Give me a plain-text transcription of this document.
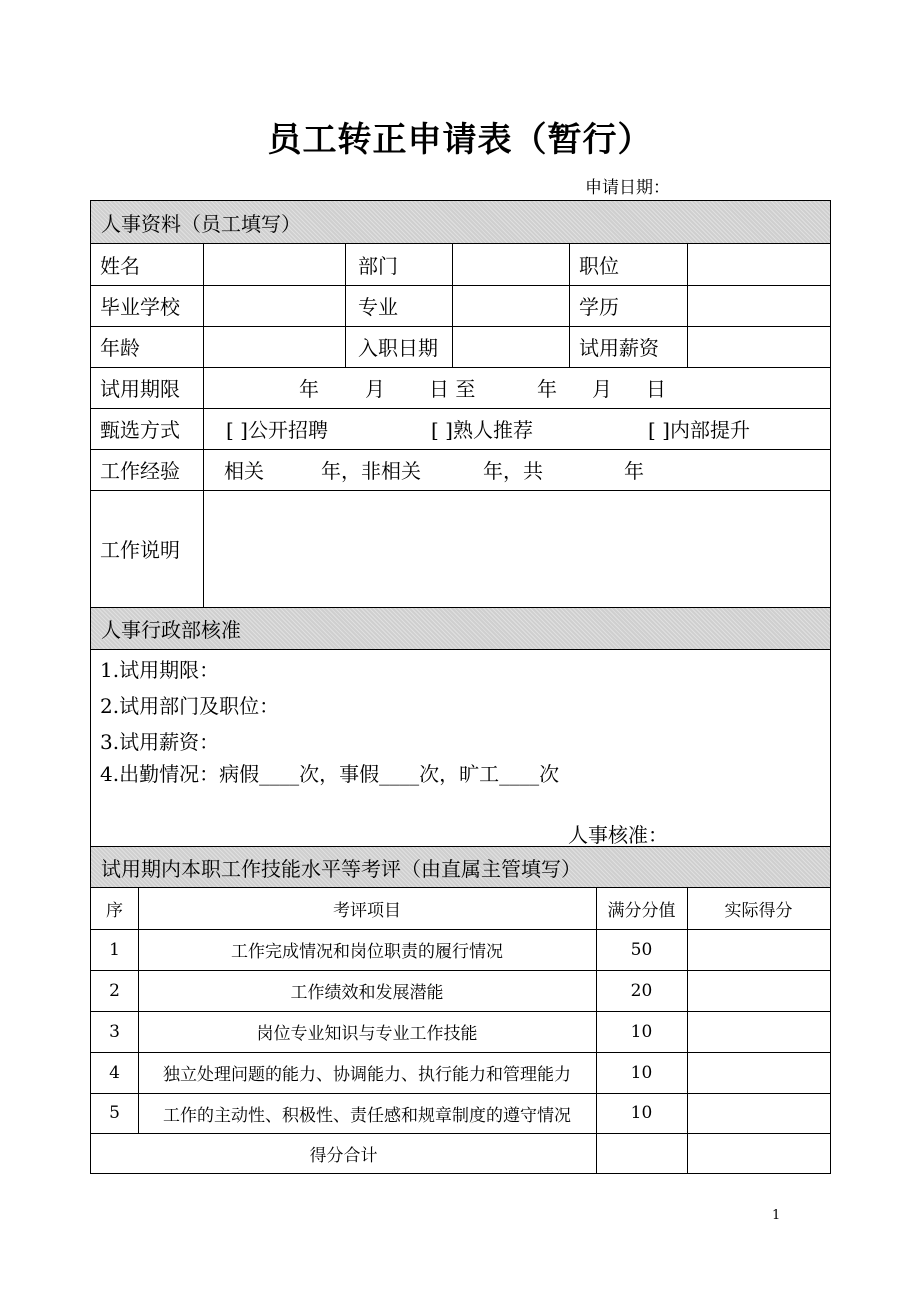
员工转正申请表（暂行）
申请日期：
人事资料（员工填写）
姓名	部门	职位
毕业学校	专业	学历
年龄	入职日期	试用薪资
试用期限	年 月 日 至	年 月 日
甄选方式 [ ]公开招聘	[ ]熟人推荐	[ ]内部提升
工作经验 相关	年，非相关	年，共	年
工作说明
人事行政部核准
1.试用期限：
2.试用部门及职位：
3.试用薪资：
4.出勤情况：病假____次，事假____次，旷工____次
人事核准：
试用期内本职工作技能水平等考评（由直属主管填写）
序	考评项目	满分分值	实际得分
1	工作完成情况和岗位职责的履行情况	50
2	工作绩效和发展潜能	20
3	岗位专业知识与专业工作技能	10
4	独立处理问题的能力、协调能力、执行能力和管理能力	10
5	工作的主动性、积极性、责任感和规章制度的遵守情况	10
得分合计
1
